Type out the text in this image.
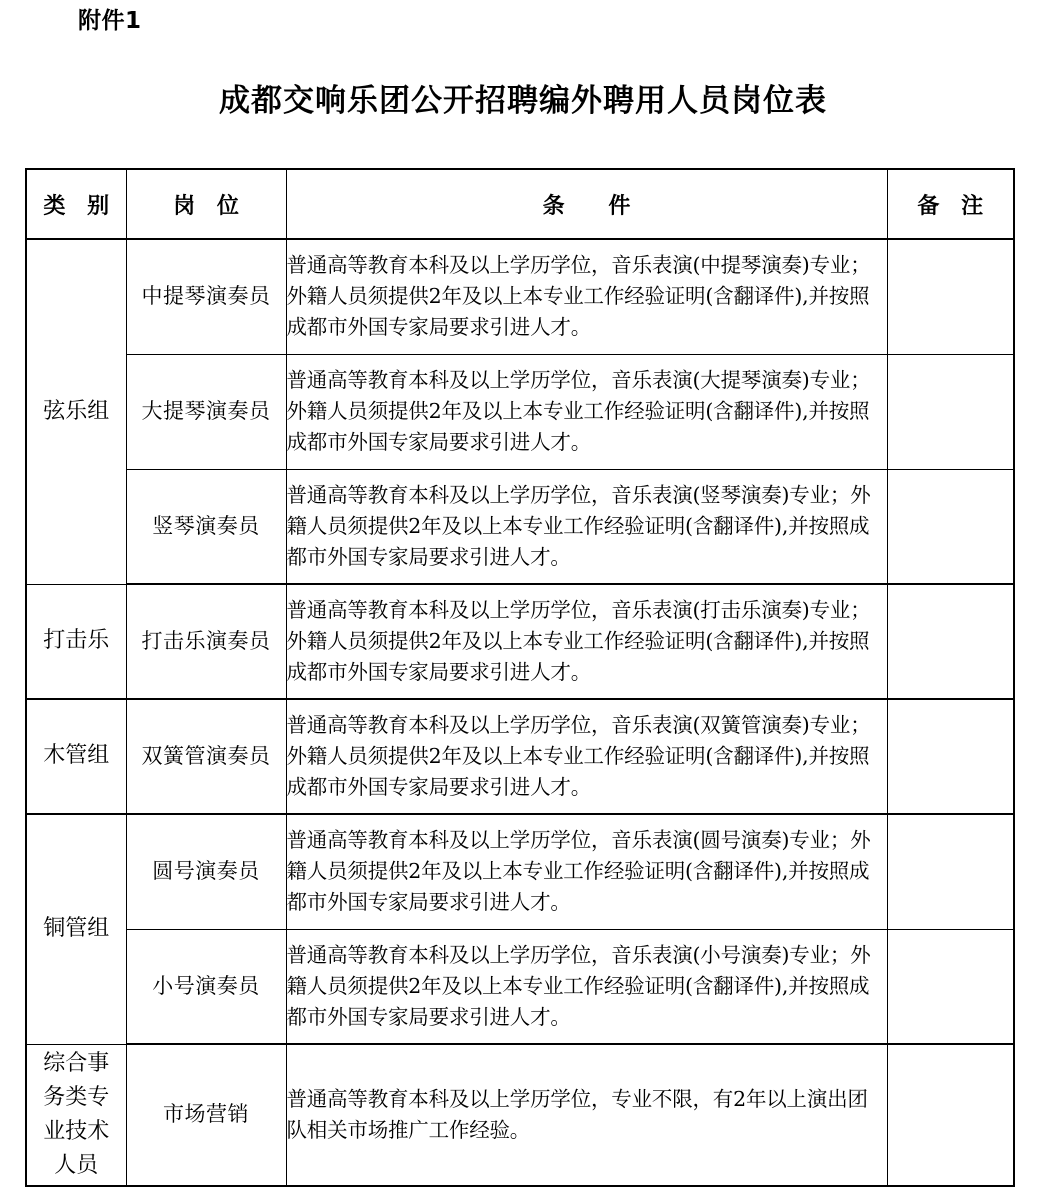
附件1
成都交响乐团公开招聘编外聘用人员岗位表
类 别	岗 位	条 件	备 注

弦乐组	中提琴演奏员	普通高等教育本科及以上学历学位，音乐表演(中提琴演奏)专业；外籍人员须提供2年及以上本专业工作经验证明(含翻译件),并按照成都市外国专家局要求引进人才。	

	大提琴演奏员	普通高等教育本科及以上学历学位，音乐表演(大提琴演奏)专业；外籍人员须提供2年及以上本专业工作经验证明(含翻译件),并按照成都市外国专家局要求引进人才。	

	竖琴演奏员	普通高等教育本科及以上学历学位，音乐表演(竖琴演奏)专业；外籍人员须提供2年及以上本专业工作经验证明(含翻译件),并按照成都市外国专家局要求引进人才。	

打击乐	打击乐演奏员	普通高等教育本科及以上学历学位，音乐表演(打击乐演奏)专业；外籍人员须提供2年及以上本专业工作经验证明(含翻译件),并按照成都市外国专家局要求引进人才。	

木管组	双簧管演奏员	普通高等教育本科及以上学历学位，音乐表演(双簧管演奏)专业；外籍人员须提供2年及以上本专业工作经验证明(含翻译件),并按照成都市外国专家局要求引进人才。	

铜管组	圆号演奏员	普通高等教育本科及以上学历学位，音乐表演(圆号演奏)专业；外籍人员须提供2年及以上本专业工作经验证明(含翻译件),并按照成都市外国专家局要求引进人才。	

	小号演奏员	普通高等教育本科及以上学历学位，音乐表演(小号演奏)专业；外籍人员须提供2年及以上本专业工作经验证明(含翻译件),并按照成都市外国专家局要求引进人才。	

综合事
务类专
业技术
人员	市场营销	普通高等教育本科及以上学历学位，专业不限，有2年以上演出团队相关市场推广工作经验。	
